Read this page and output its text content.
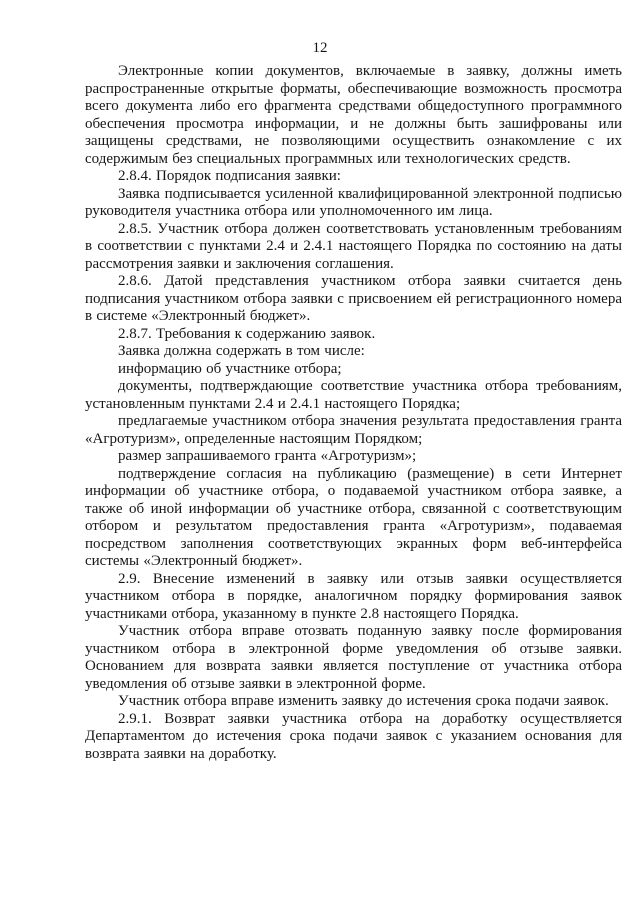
12

Электронные копии документов, включаемые в заявку, должны иметь распространенные открытые форматы, обеспечивающие возможность просмотра всего документа либо его фрагмента средствами общедоступного программного обеспечения просмотра информации, и не должны быть зашифрованы или защищены средствами, не позволяющими осуществить ознакомление с их содержимым без специальных программных или технологических средств.

2.8.4. Порядок подписания заявки:

Заявка подписывается усиленной квалифицированной электронной подписью руководителя участника отбора или уполномоченного им лица.

2.8.5. Участник отбора должен соответствовать установленным требованиям в соответствии с пунктами 2.4 и 2.4.1 настоящего Порядка по состоянию на даты рассмотрения заявки и заключения соглашения.

2.8.6. Датой представления участником отбора заявки считается день подписания участником отбора заявки с присвоением ей регистрационного номера в системе «Электронный бюджет».

2.8.7. Требования к содержанию заявок.

Заявка должна содержать в том числе:

информацию об участнике отбора;

документы, подтверждающие соответствие участника отбора требованиям, установленным пунктами 2.4 и 2.4.1 настоящего Порядка;

предлагаемые участником отбора значения результата предоставления гранта «Агротуризм», определенные настоящим Порядком;

размер запрашиваемого гранта «Агротуризм»;

подтверждение согласия на публикацию (размещение) в сети Интернет информации об участнике отбора, о подаваемой участником отбора заявке, а также об иной информации об участнике отбора, связанной с соответствующим отбором и результатом предоставления гранта «Агротуризм», подаваемая посредством заполнения соответствующих экранных форм веб-интерфейса системы «Электронный бюджет».

2.9. Внесение изменений в заявку или отзыв заявки осуществляется участником отбора в порядке, аналогичном порядку формирования заявок участниками отбора, указанному в пункте 2.8 настоящего Порядка.

Участник отбора вправе отозвать поданную заявку после формирования участником отбора в электронной форме уведомления об отзыве заявки. Основанием для возврата заявки является поступление от участника отбора уведомления об отзыве заявки в электронной форме.

Участник отбора вправе изменить заявку до истечения срока подачи заявок.

2.9.1. Возврат заявки участника отбора на доработку осуществляется Департаментом до истечения срока подачи заявок с указанием основания для возврата заявки на доработку.
